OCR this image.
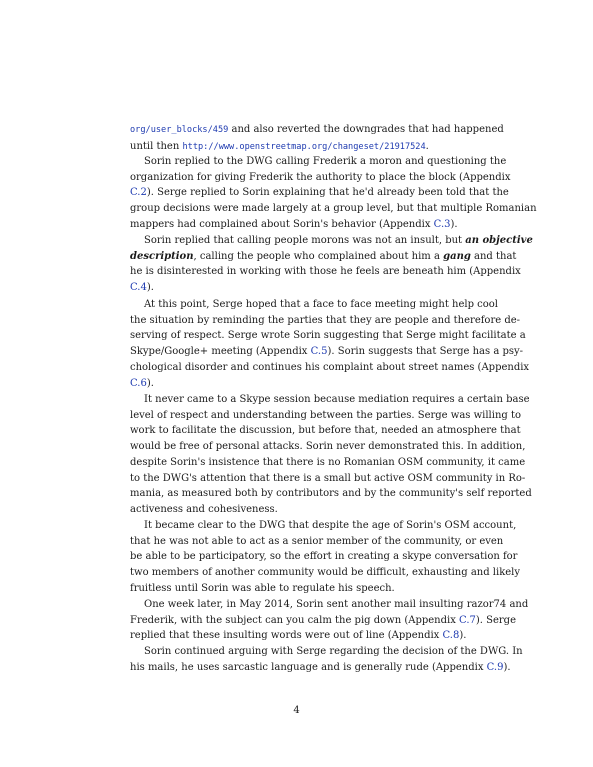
org/user_blocks/459 and also reverted the downgrades that had happened
until then http://www.openstreetmap.org/changeset/21917524.

Sorin replied to the DWG calling Frederik a moron and questioning the
organization for giving Frederik the authority to place the block (Appendix
C.2). Serge replied to Sorin explaining that he'd already been told that the
group decisions were made largely at a group level, but that multiple Romanian
mappers had complained about Sorin's behavior (Appendix C.3).

Sorin replied that calling people morons was not an insult, but an objective
description, calling the people who complained about him a gang and that
he is disinterested in working with those he feels are beneath him (Appendix
C.4).

At this point, Serge hoped that a face to face meeting might help cool
the situation by reminding the parties that they are people and therefore de-
serving of respect. Serge wrote Sorin suggesting that Serge might facilitate a
Skype/Google+ meeting (Appendix C.5). Sorin suggests that Serge has a psy-
chological disorder and continues his complaint about street names (Appendix
C.6).

It never came to a Skype session because mediation requires a certain base
level of respect and understanding between the parties. Serge was willing to
work to facilitate the discussion, but before that, needed an atmosphere that
would be free of personal attacks. Sorin never demonstrated this. In addition,
despite Sorin's insistence that there is no Romanian OSM community, it came
to the DWG's attention that there is a small but active OSM community in Ro-
mania, as measured both by contributors and by the community's self reported
activeness and cohesiveness.

It became clear to the DWG that despite the age of Sorin's OSM account,
that he was not able to act as a senior member of the community, or even
be able to be participatory, so the effort in creating a skype conversation for
two members of another community would be difficult, exhausting and likely
fruitless until Sorin was able to regulate his speech.

One week later, in May 2014, Sorin sent another mail insulting razor74 and
Frederik, with the subject can you calm the pig down (Appendix C.7). Serge
replied that these insulting words were out of line (Appendix C.8).

Sorin continued arguing with Serge regarding the decision of the DWG. In
his mails, he uses sarcastic language and is generally rude (Appendix C.9).

4
